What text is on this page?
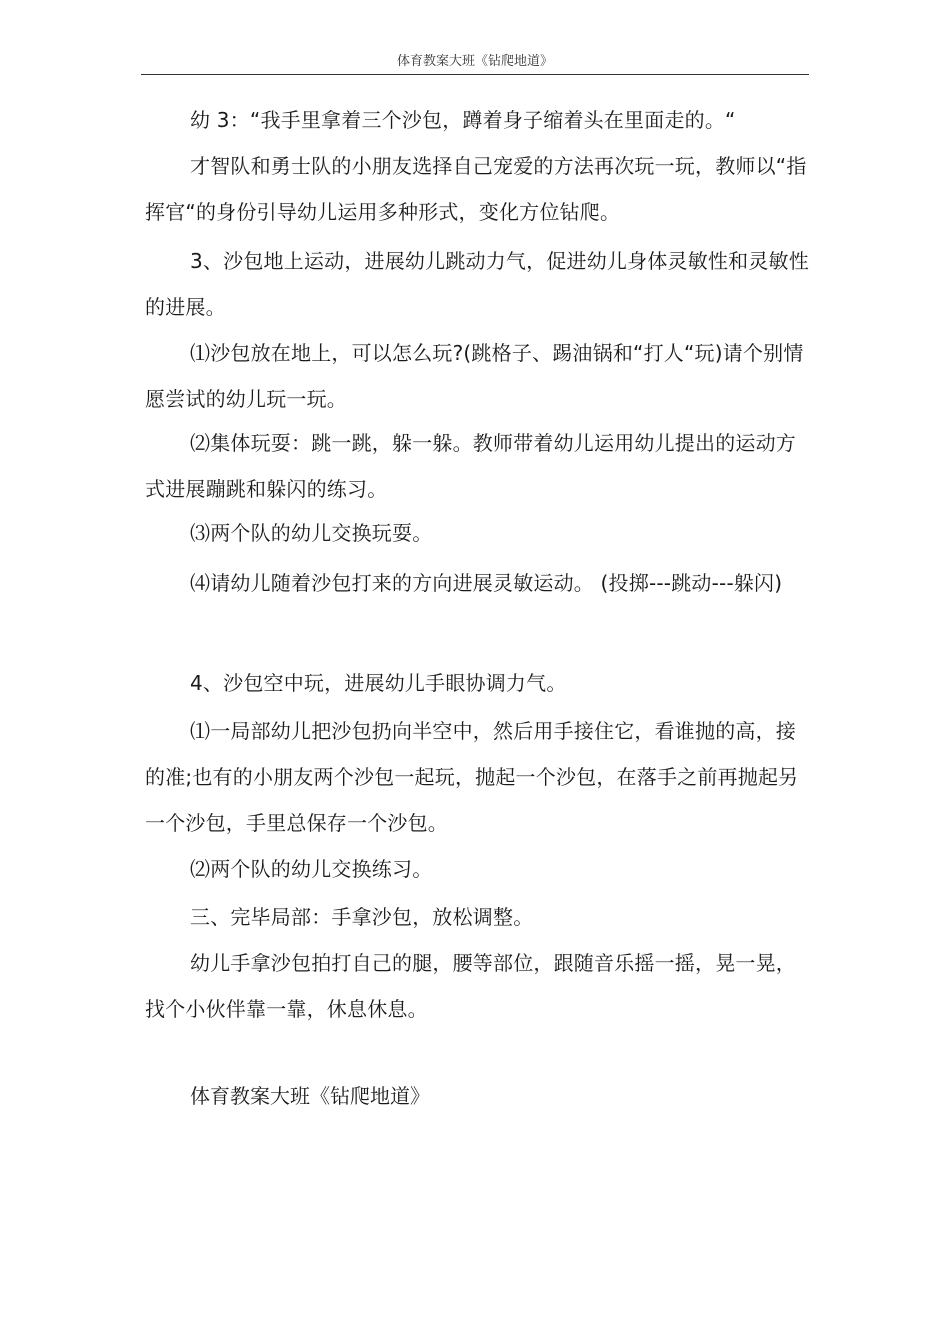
体育教案大班《钻爬地道》

幼 3：“我手里拿着三个沙包，蹲着身子缩着头在里面走的。“

才智队和勇士队的小朋友选择自己宠爱的方法再次玩一玩，教师以“指挥官“的身份引导幼儿运用多种形式，变化方位钻爬。

3、沙包地上运动，进展幼儿跳动力气，促进幼儿身体灵敏性和灵敏性的进展。

⑴沙包放在地上，可以怎么玩?(跳格子、踢油锅和“打人“玩)请个别情愿尝试的幼儿玩一玩。

⑵集体玩耍：跳一跳，躲一躲。教师带着幼儿运用幼儿提出的运动方式进展蹦跳和躲闪的练习。

⑶两个队的幼儿交换玩耍。

⑷请幼儿随着沙包打来的方向进展灵敏运动。 (投掷---跳动---躲闪)

4、沙包空中玩，进展幼儿手眼协调力气。

⑴一局部幼儿把沙包扔向半空中，然后用手接住它，看谁抛的高，接的准;也有的小朋友两个沙包一起玩，抛起一个沙包，在落手之前再抛起另一个沙包，手里总保存一个沙包。

⑵两个队的幼儿交换练习。

三、完毕局部：手拿沙包，放松调整。

幼儿手拿沙包拍打自己的腿，腰等部位，跟随音乐摇一摇，晃一晃，找个小伙伴靠一靠，休息休息。

体育教案大班《钻爬地道》
